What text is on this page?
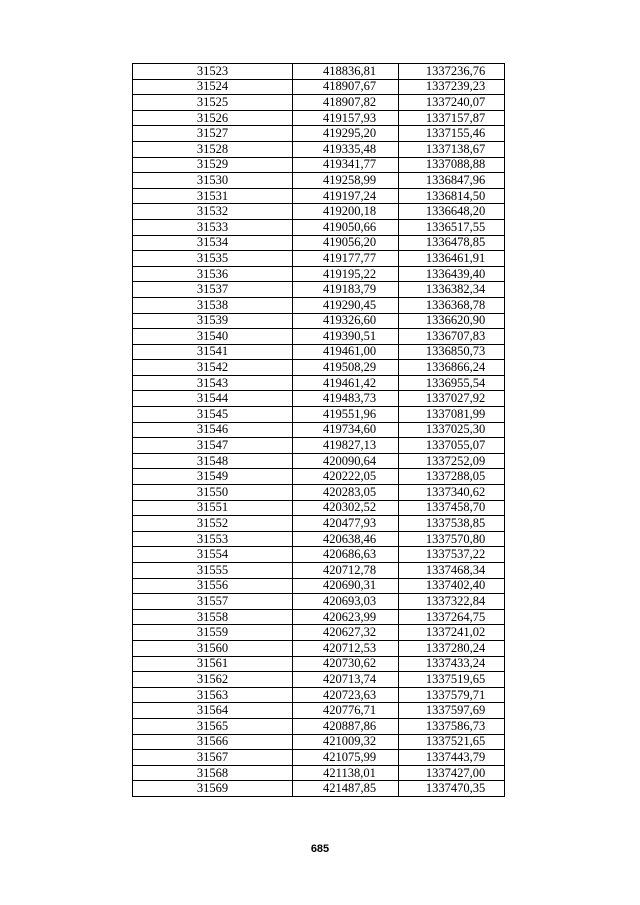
31523	418836,81	1337236,76
31524	418907,67	1337239,23
31525	418907,82	1337240,07
31526	419157,93	1337157,87
31527	419295,20	1337155,46
31528	419335,48	1337138,67
31529	419341,77	1337088,88
31530	419258,99	1336847,96
31531	419197,24	1336814,50
31532	419200,18	1336648,20
31533	419050,66	1336517,55
31534	419056,20	1336478,85
31535	419177,77	1336461,91
31536	419195,22	1336439,40
31537	419183,79	1336382,34
31538	419290,45	1336368,78
31539	419326,60	1336620,90
31540	419390,51	1336707,83
31541	419461,00	1336850,73
31542	419508,29	1336866,24
31543	419461,42	1336955,54
31544	419483,73	1337027,92
31545	419551,96	1337081,99
31546	419734,60	1337025,30
31547	419827,13	1337055,07
31548	420090,64	1337252,09
31549	420222,05	1337288,05
31550	420283,05	1337340,62
31551	420302,52	1337458,70
31552	420477,93	1337538,85
31553	420638,46	1337570,80
31554	420686,63	1337537,22
31555	420712,78	1337468,34
31556	420690,31	1337402,40
31557	420693,03	1337322,84
31558	420623,99	1337264,75
31559	420627,32	1337241,02
31560	420712,53	1337280,24
31561	420730,62	1337433,24
31562	420713,74	1337519,65
31563	420723,63	1337579,71
31564	420776,71	1337597,69
31565	420887,86	1337586,73
31566	421009,32	1337521,65
31567	421075,99	1337443,79
31568	421138,01	1337427,00
31569	421487,85	1337470,35
685
